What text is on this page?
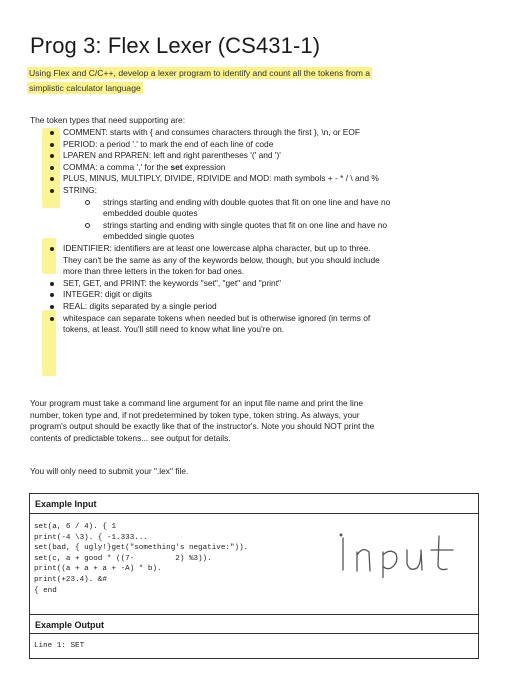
Prog 3: Flex Lexer (CS431-1)
Using Flex and C/C++, develop a lexer program to identify and count all the tokens from a
simplistic calculator language
The token types that need supporting are:
COMMENT: starts with { and consumes characters through the first }, \n, or EOF
PERIOD: a period '.' to mark the end of each line of code
LPAREN and RPAREN: left and right parentheses '(' and ')'
COMMA: a comma ',' for the set expression
PLUS, MINUS, MULTIPLY, DIVIDE, RDIVIDE and MOD: math symbols + - * / \ and %
STRING:
strings starting and ending with double quotes that fit on one line and have no
embedded double quotes
strings starting and ending with single quotes that fit on one line and have no
embedded single quotes
IDENTIFIER: identifiers are at least one lowercase alpha character, but up to three.
They can't be the same as any of the keywords below, though, but you should include
more than three letters in the token for bad ones.
SET, GET, and PRINT: the keywords "set", "get" and "print"
INTEGER: digit or digits
REAL: digits separated by a single period
whitespace can separate tokens when needed but is otherwise ignored (in terms of
tokens, at least. You'll still need to know what line you're on.
Your program must take a command line argument for an input file name and print the line
number, token type and, if not predetermined by token type, token string. As always, your
program's output should be exactly like that of the instructor's. Note you should NOT print the
contents of predictable tokens... see output for details.
You will only need to submit your ".lex" file.
Example Input
set(a, 6 / 4). { 1
print(-4 \3). { -1.333...
set(bad, { ugly!}get("something's negative:")).
set(c, a + good * ((7-         2) %3)).
print((a + a + a + -A) * b).
print(+23.4). &#
{ end
Example Output
Line 1: SET
